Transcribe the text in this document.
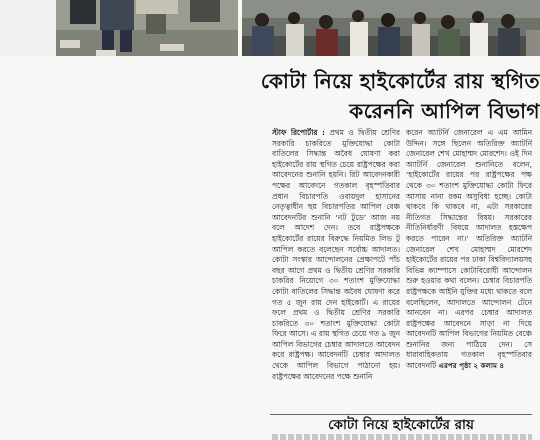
কোটা নিয়ে হাইকোর্টের রায় স্থগিত
করেননি আপিল বিভাগ

স্টাফ রিপোর্টার : প্রথম ও দ্বিতীয় শ্রেণির সরকারি চাকরিতে মুক্তিযোদ্ধা কোটা বাতিলের সিদ্ধান্ত অবৈধ ঘোষণা করা হাইকোর্টের রায় স্থগিত চেয়ে রাষ্ট্রপক্ষের করা আবেদনের শুনানি হয়নি। রিট আবেদনকারী পক্ষের আবেদনে গতকাল বৃহস্পতিবার প্রধান বিচারপতি ওবায়দুল হাসানের নেতৃত্বাধীন ছয় বিচারপতির আপিল বেঞ্চ আবেদনটির শুনানি ‘নট টুডে’ আজ নয় বলে আদেশ দেন। তবে রাষ্ট্রপক্ষকে হাইকোর্টের রায়ের বিরুদ্ধে নিয়মিত লিভ টু আপিল করতে বলেছেন সর্বোচ্চ আদালত। কোটা সংস্কার আন্দোলনের প্রেক্ষাপটে পাঁচ বছর আগে প্রথম ও দ্বিতীয় শ্রেণির সরকারি চাকরির নিয়োগে ৩০ শতাংশ মুক্তিযোদ্ধা কোটা বাতিলের সিদ্ধান্ত অবৈধ ঘোষণা করে গত ৫ জুন রায় দেন হাইকোর্ট। এ রায়ের ফলে প্রথম ও দ্বিতীয় শ্রেণির সরকারি চাকরিতে ৩০ শতাংশ মুক্তিযোদ্ধা কোটা ফিরে আসে। এ রায় স্থগিত চেয়ে গত ৯ জুন আপিল বিভাগের চেম্বার আদালতে আবেদন করে রাষ্ট্রপক্ষ। আবেদনটি চেম্বার আদালত থেকে আপিল বিভাগে পাঠানো হয়। রাষ্ট্রপক্ষের আবেদনের পক্ষে শুনানি

করেন অ্যাটর্নি জেনারেল এ এম আমিন উদ্দিন। সঙ্গে ছিলেন অতিরিক্ত অ্যাটর্নি জেনারেল শেখ মোহাম্মদ মোরশেদ। ওই দিন অ্যাটর্নি জেনারেল শুনানিতে বলেন, ‘হাইকোর্টের রায়ের পর রাষ্ট্রপক্ষের পক্ষ থেকে ৩০ শতাংশ মুক্তিযোদ্ধা কোটা ফিরে আসায় নানা রকম অসুবিধা হচ্ছে। কোটা থাকবে কি থাকবে না, এটা সরকারের নীতিগত সিদ্ধান্তের বিষয়। সরকারের নীতিনির্ধারণী বিষয়ে আদালত হস্তক্ষেপ করতে পারেন না।’ অতিরিক্ত অ্যাটর্নি জেনারেল শেখ মোহাম্মদ মোরশেদ হাইকোর্টের রায়ের পর ঢাকা বিশ্ববিদ্যালয়সহ বিভিন্ন ক্যাম্পাসে কোটাবিরোধী আন্দোলন শুরু হওয়ার কথা বলেন। চেম্বার বিচারপতি রাষ্ট্রপক্ষকে আইনি যুক্তির মধ্যে থাকতে বলে বলেছিলেন, আদালতে আন্দোলন টেনে আনবেন না। এরপর চেম্বার আদালত রাষ্ট্রপক্ষের আবেদনে সাড়া না দিয়ে আবেদনটি আপিল বিভাগের নিয়মিত বেঞ্চে শুনানির জন্য পাঠিয়ে দেন। সে ধারাবাহিকতায় গতকাল বৃহস্পতিবার আবেদনটি এরপর পৃষ্ঠা ২ কলাম ৪

কোটা নিয়ে হাইকোর্টের রায়
